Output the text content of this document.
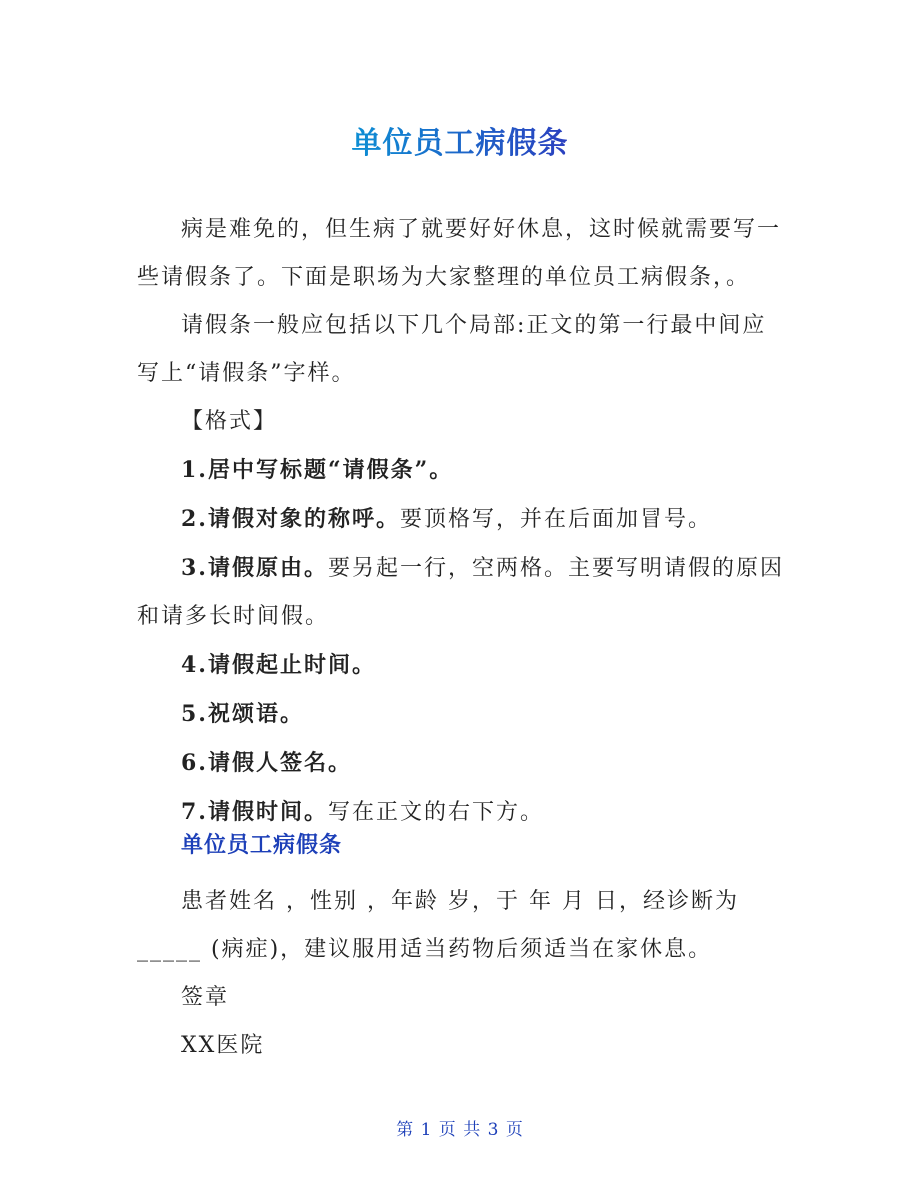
单位员工病假条

病是难免的，但生病了就要好好休息，这时候就需要写一些请假条了。下面是职场为大家整理的单位员工病假条，。

请假条一般应包括以下几个局部:正文的第一行最中间应写上“请假条”字样。

【格式】

1.居中写标题“请假条”。

2.请假对象的称呼。要顶格写，并在后面加冒号。

3.请假原由。要另起一行，空两格。主要写明请假的原因和请多长时间假。

4.请假起止时间。

5.祝颂语。

6.请假人签名。

7.请假时间。写在正文的右下方。

单位员工病假条

患者姓名 ，性别 ，年龄 岁，于 年 月 日，经诊断为

_____ (病症)，建议服用适当药物后须适当在家休息。

签章

XX医院

第 1 页 共 3 页
